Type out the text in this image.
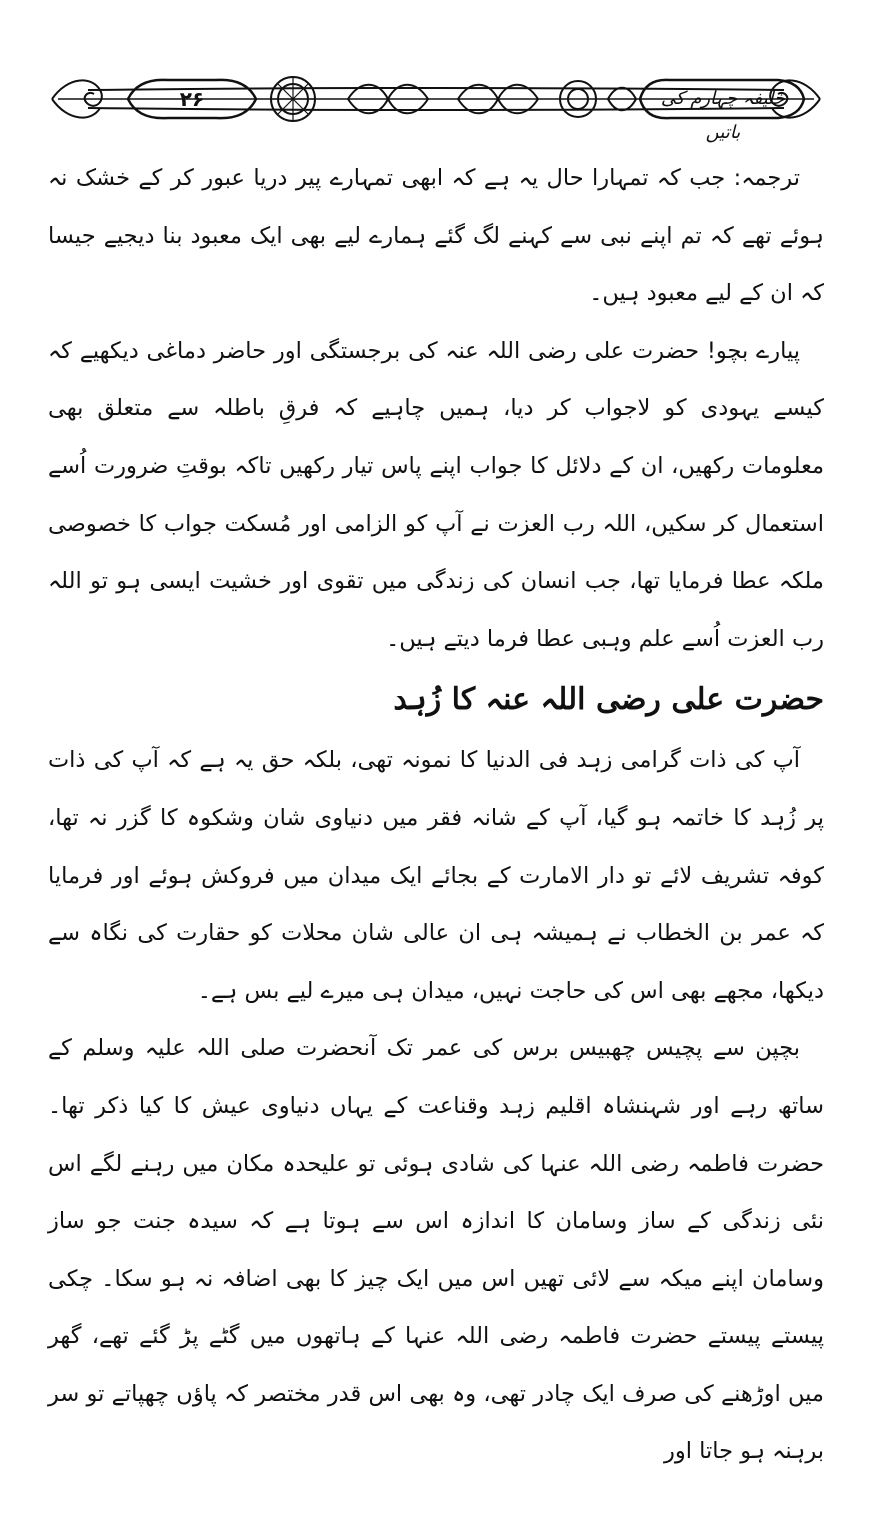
۲۶	خلیفہ چہارم کی باتیں

ترجمہ: جب کہ تمہارا حال یہ ہے کہ ابھی تمہارے پیر دریا عبور کر کے خشک نہ ہوئے تھے کہ تم اپنے نبی سے کہنے لگ گئے ہمارے لیے بھی ایک معبود بنا دیجیے جیسا کہ ان کے لیے معبود ہیں۔

پیارے بچو! حضرت علی رضی اللہ عنہ کی برجستگی اور حاضر دماغی دیکھیے کہ کیسے یہودی کو لاجواب کر دیا، ہمیں چاہیے کہ فرقِ باطلہ سے متعلق بھی معلومات رکھیں، ان کے دلائل کا جواب اپنے پاس تیار رکھیں تاکہ بوقتِ ضرورت اُسے استعمال کر سکیں، اللہ رب العزت نے آپ کو الزامی اور مُسکت جواب کا خصوصی ملکہ عطا فرمایا تھا، جب انسان کی زندگی میں تقوی اور خشیت ایسی ہو تو اللہ رب العزت اُسے علم وہبی عطا فرما دیتے ہیں۔

حضرت علی رضی اللہ عنہ کا زُہد

آپ کی ذات گرامی زہد فی الدنیا کا نمونہ تھی، بلکہ حق یہ ہے کہ آپ کی ذات پر زُہد کا خاتمہ ہو گیا، آپ کے شانہ فقر میں دنیاوی شان وشکوہ کا گزر نہ تھا، کوفہ تشریف لائے تو دار الامارت کے بجائے ایک میدان میں فروکش ہوئے اور فرمایا کہ عمر بن الخطاب نے ہمیشہ ہی ان عالی شان محلات کو حقارت کی نگاہ سے دیکھا، مجھے بھی اس کی حاجت نہیں، میدان ہی میرے لیے بس ہے۔

بچپن سے پچیس چھبیس برس کی عمر تک آنحضرت صلی اللہ علیہ وسلم کے ساتھ رہے اور شہنشاہ اقلیم زہد وقناعت کے یہاں دنیاوی عیش کا کیا ذکر تھا۔ حضرت فاطمہ رضی اللہ عنہا کی شادی ہوئی تو علیحدہ مکان میں رہنے لگے اس نئی زندگی کے ساز وسامان کا اندازہ اس سے ہوتا ہے کہ سیدہ جنت جو ساز وسامان اپنے میکہ سے لائی تھیں اس میں ایک چیز کا بھی اضافہ نہ ہو سکا۔ چکی پیستے پیستے حضرت فاطمہ رضی اللہ عنہا کے ہاتھوں میں گٹے پڑ گئے تھے، گھر میں اوڑھنے کی صرف ایک چادر تھی، وہ بھی اس قدر مختصر کہ پاؤں چھپاتے تو سر برہنہ ہو جاتا اور
